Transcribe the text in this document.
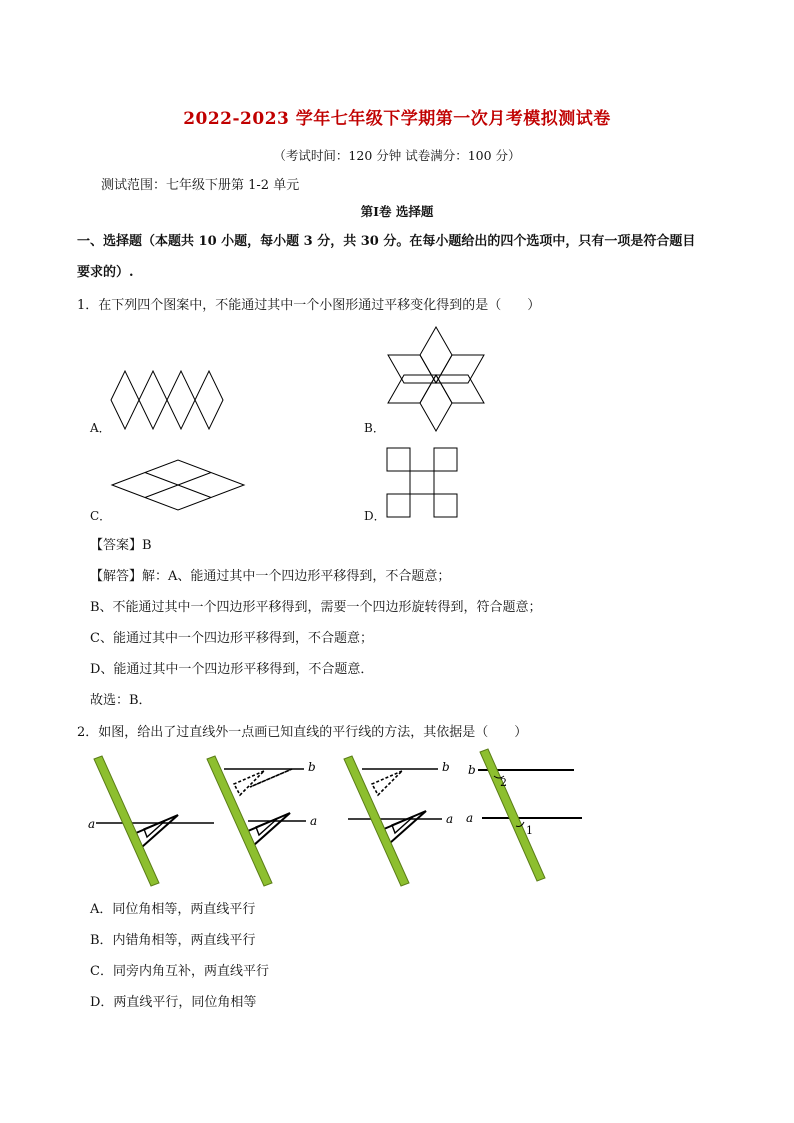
2022-2023 学年七年级下学期第一次月考模拟测试卷
（考试时间：120 分钟 试卷满分：100 分）
测试范围：七年级下册第 1-2 单元
第Ⅰ卷 选择题
一、选择题（本题共 10 小题，每小题 3 分，共 30 分。在每小题给出的四个选项中，只有一项是符合题目
要求的）.
1．在下列四个图案中，不能通过其中一个小图形通过平移变化得到的是（　　）
A．	B．
C．	D．
【答案】B
【解答】解：A、能通过其中一个四边形平移得到，不合题意；
B、不能通过其中一个四边形平移得到，需要一个四边形旋转得到，符合题意；
C、能通过其中一个四边形平移得到，不合题意；
D、能通过其中一个四边形平移得到，不合题意．
故选：B．
2．如图，给出了过直线外一点画已知直线的平行线的方法，其依据是（　　）
a
b
a
b
a
b
a
2
1
A．同位角相等，两直线平行
B．内错角相等，两直线平行
C．同旁内角互补，两直线平行
D．两直线平行，同位角相等
